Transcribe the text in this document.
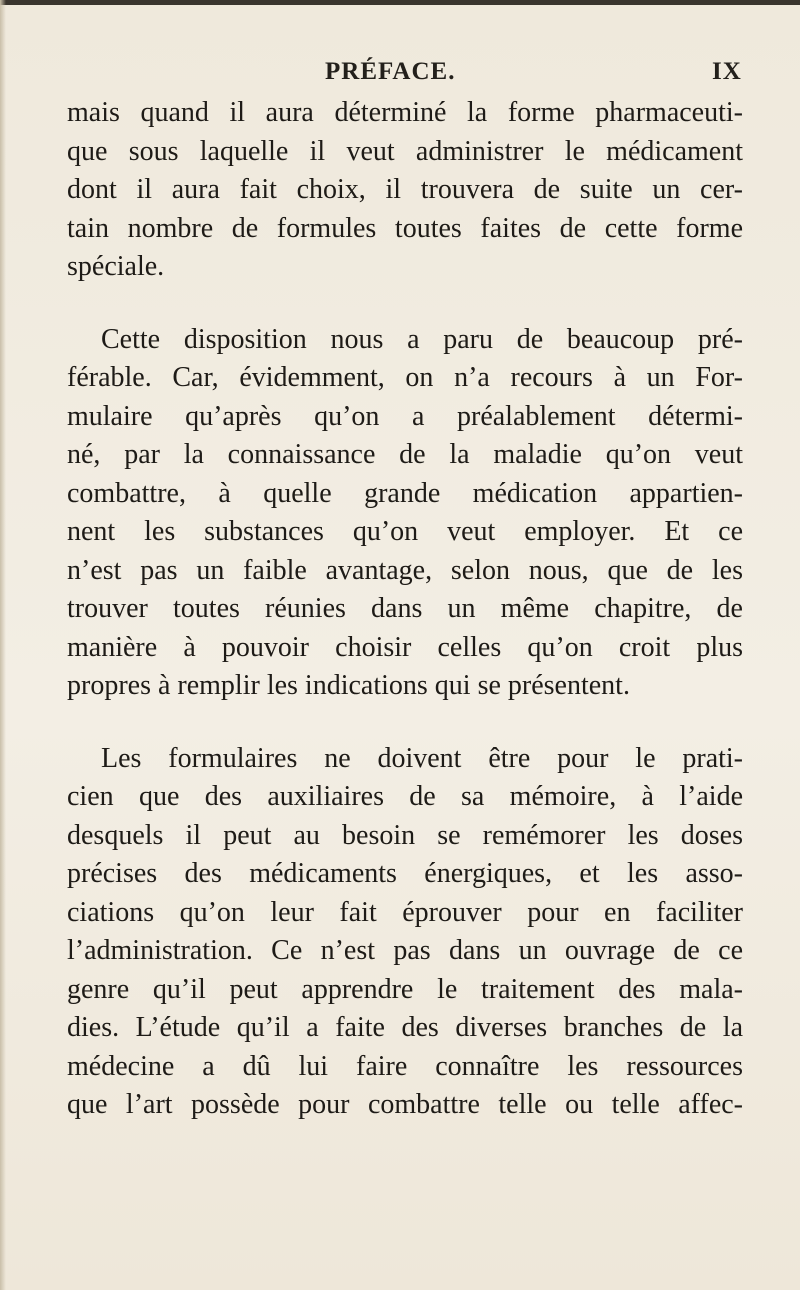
PRÉFACE.	IX
mais quand il aura déterminé la forme pharmaceuti-
que sous laquelle il veut administrer le médicament
dont il aura fait choix, il trouvera de suite un cer-
tain nombre de formules toutes faites de cette forme
spéciale.
Cette disposition nous a paru de beaucoup pré-
férable. Car, évidemment, on n’a recours à un For-
mulaire qu’après qu’on a préalablement détermi-
né, par la connaissance de la maladie qu’on veut
combattre, à quelle grande médication appartien-
nent les substances qu’on veut employer. Et ce
n’est pas un faible avantage, selon nous, que de les
trouver toutes réunies dans un même chapitre, de
manière à pouvoir choisir celles qu’on croit plus
propres à remplir les indications qui se présentent.
Les formulaires ne doivent être pour le prati-
cien que des auxiliaires de sa mémoire, à l’aide
desquels il peut au besoin se remémorer les doses
précises des médicaments énergiques, et les asso-
ciations qu’on leur fait éprouver pour en faciliter
l’administration. Ce n’est pas dans un ouvrage de ce
genre qu’il peut apprendre le traitement des mala-
dies. L’étude qu’il a faite des diverses branches de la
médecine a dû lui faire connaître les ressources
que l’art possède pour combattre telle ou telle affec-
